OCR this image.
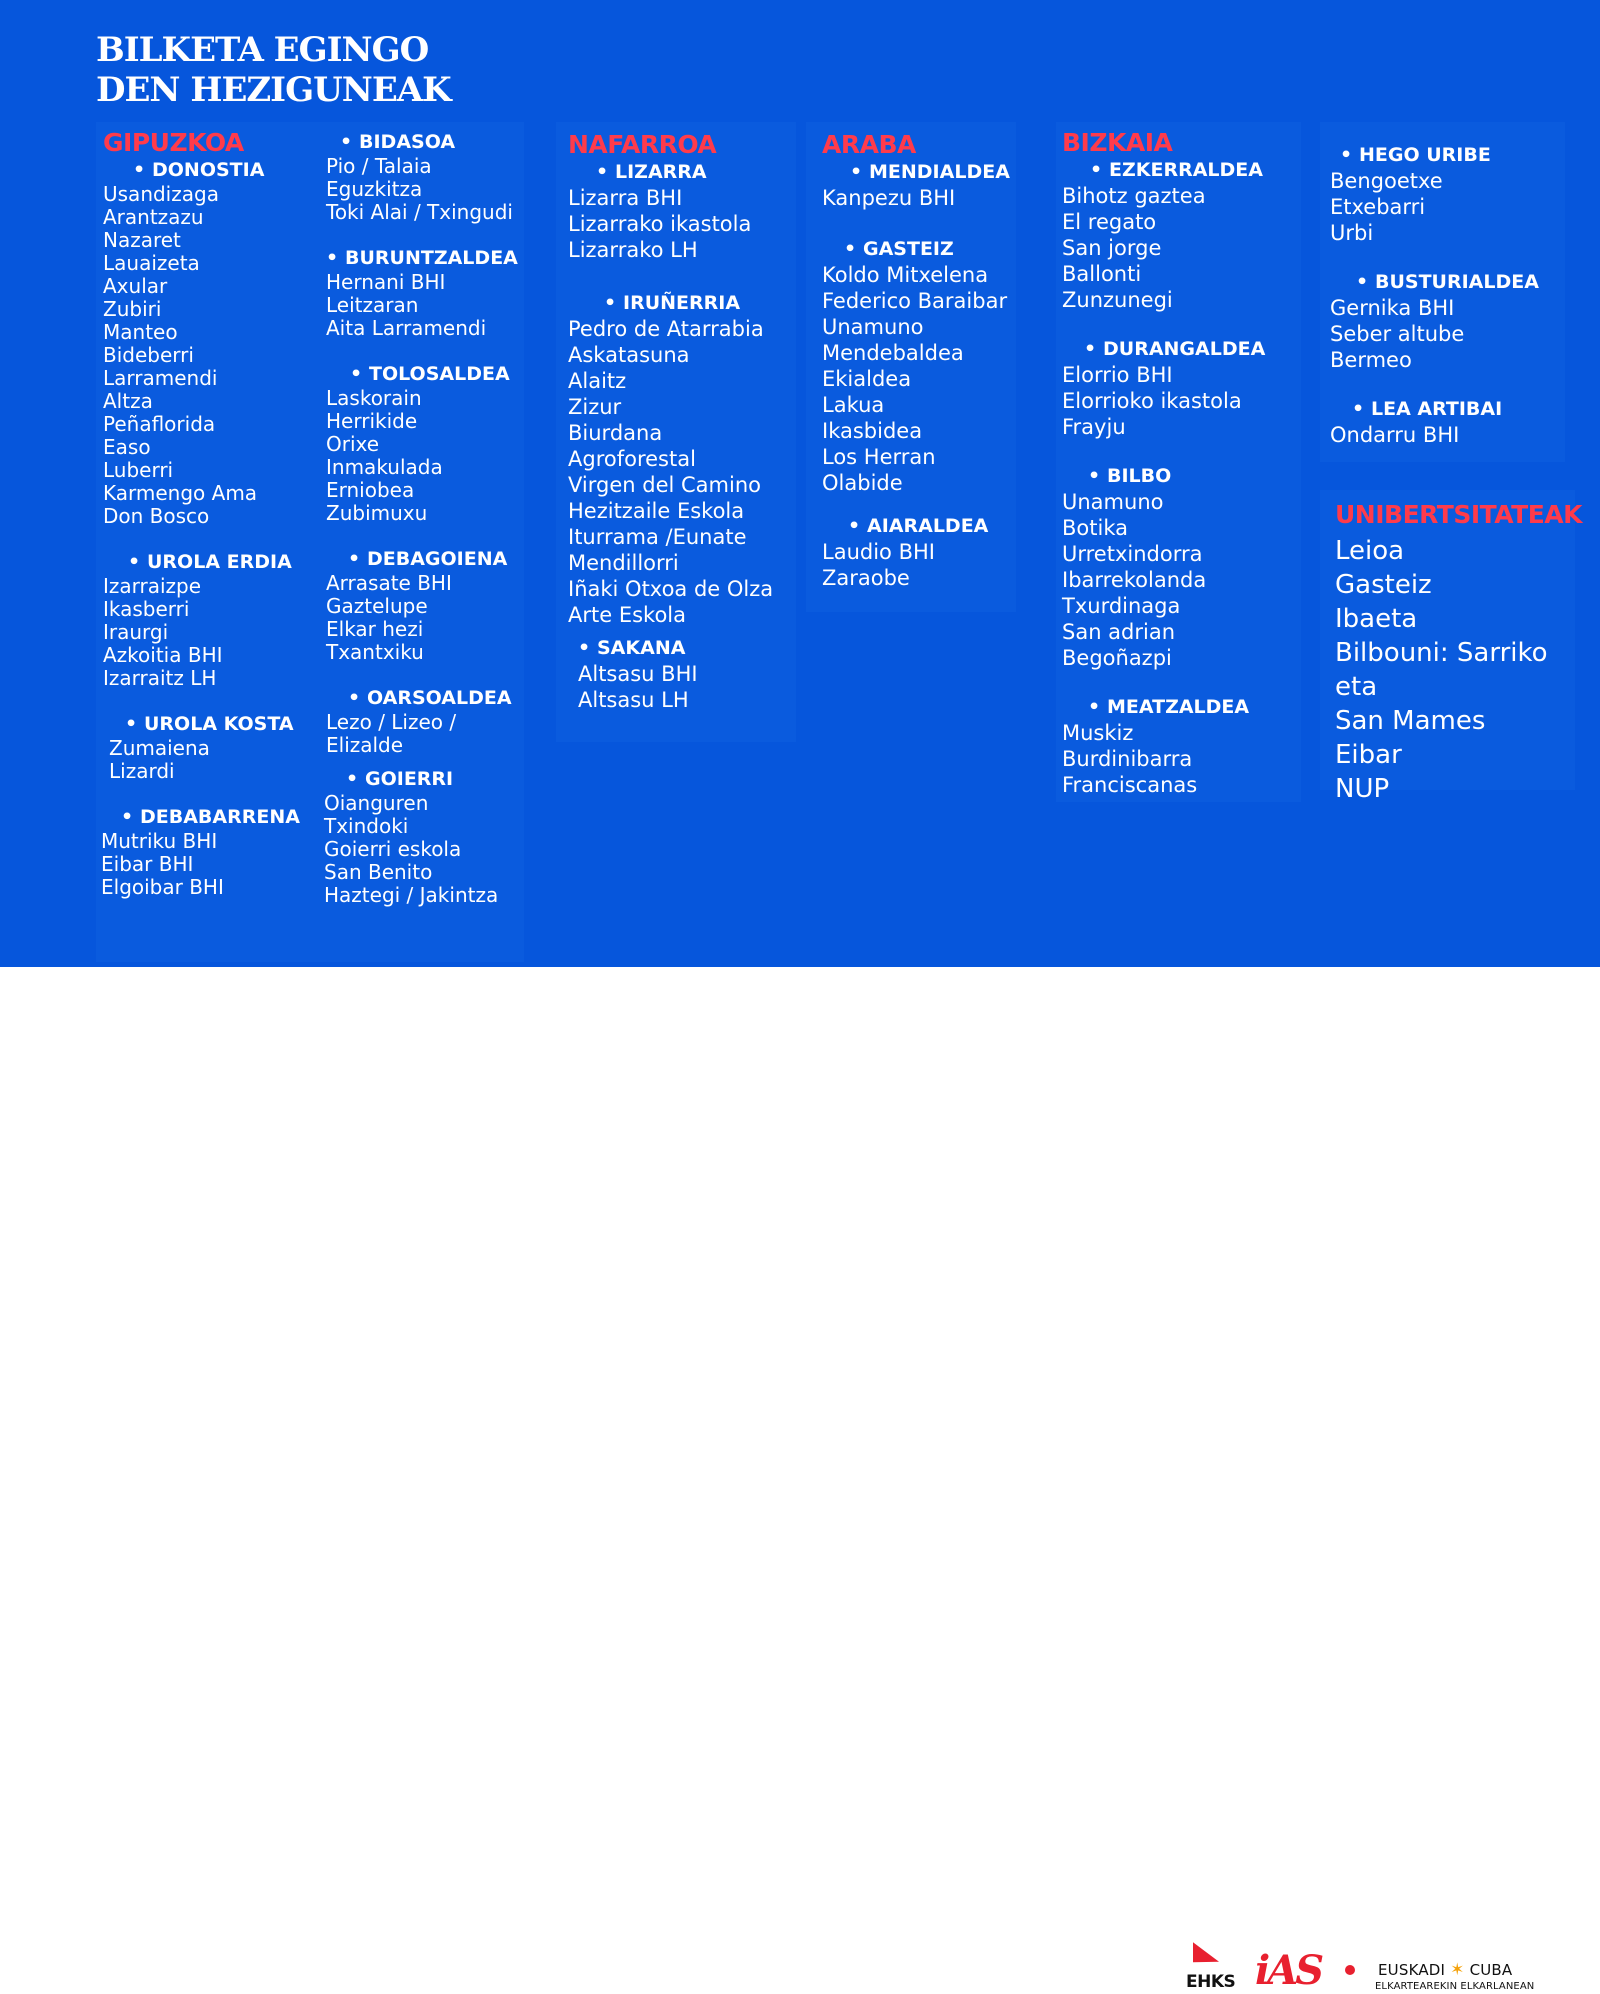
BILKETA EGINGO
DEN HEZIGUNEAK
GIPUZKOA
• DONOSTIA
Usandizaga
Arantzazu
Nazaret
Lauaizeta
Axular
Zubiri
Manteo
Bideberri
Larramendi
Altza
Peñaflorida
Easo
Luberri
Karmengo Ama
Don Bosco
• UROLA ERDIA
Izarraizpe
Ikasberri
Iraurgi
Azkoitia BHI
Izarraitz LH
• UROLA KOSTA
Zumaiena
Lizardi
• DEBABARRENA
Mutriku BHI
Eibar BHI
Elgoibar BHI
• BIDASOA
Pio / Talaia
Eguzkitza
Toki Alai / Txingudi
• BURUNTZALDEA
Hernani BHI
Leitzaran
Aita Larramendi
• TOLOSALDEA
Laskorain
Herrikide
Orixe
Inmakulada
Erniobea
Zubimuxu
• DEBAGOIENA
Arrasate BHI
Gaztelupe
Elkar hezi
Txantxiku
• OARSOALDEA
Lezo / Lizeo /
Elizalde
• GOIERRI
Oianguren
Txindoki
Goierri eskola
San Benito
Haztegi / Jakintza
NAFARROA
• LIZARRA
Lizarra BHI
Lizarrako ikastola
Lizarrako LH
• IRUÑERRIA
Pedro de Atarrabia
Askatasuna
Alaitz
Zizur
Biurdana
Agroforestal
Virgen del Camino
Hezitzaile Eskola
Iturrama /Eunate
Mendillorri
Iñaki Otxoa de Olza
Arte Eskola
• SAKANA
Altsasu BHI
Altsasu LH
ARABA
• MENDIALDEA
Kanpezu BHI
• GASTEIZ
Koldo Mitxelena
Federico Baraibar
Unamuno
Mendebaldea
Ekialdea
Lakua
Ikasbidea
Los Herran
Olabide
• AIARALDEA
Laudio BHI
Zaraobe
BIZKAIA
• EZKERRALDEA
Bihotz gaztea
El regato
San jorge
Ballonti
Zunzunegi
• DURANGALDEA
Elorrio BHI
Elorrioko ikastola
Frayju
• BILBO
Unamuno
Botika
Urretxindorra
Ibarrekolanda
Txurdinaga
San adrian
Begoñazpi
• MEATZALDEA
Muskiz
Burdinibarra
Franciscanas
• HEGO URIBE
Bengoetxe
Etxebarri
Urbi
• BUSTURIALDEA
Gernika BHI
Seber altube
Bermeo
• LEA ARTIBAI
Ondarru BHI
UNIBERTSITATEAK
Leioa
Gasteiz
Ibaeta
Bilbouni: Sarriko eta
San Mames
Eibar
NUP
EHKS iAS	EUSKADI ✶ CUBA
ELKARTEAREKIN ELKARLANEAN
